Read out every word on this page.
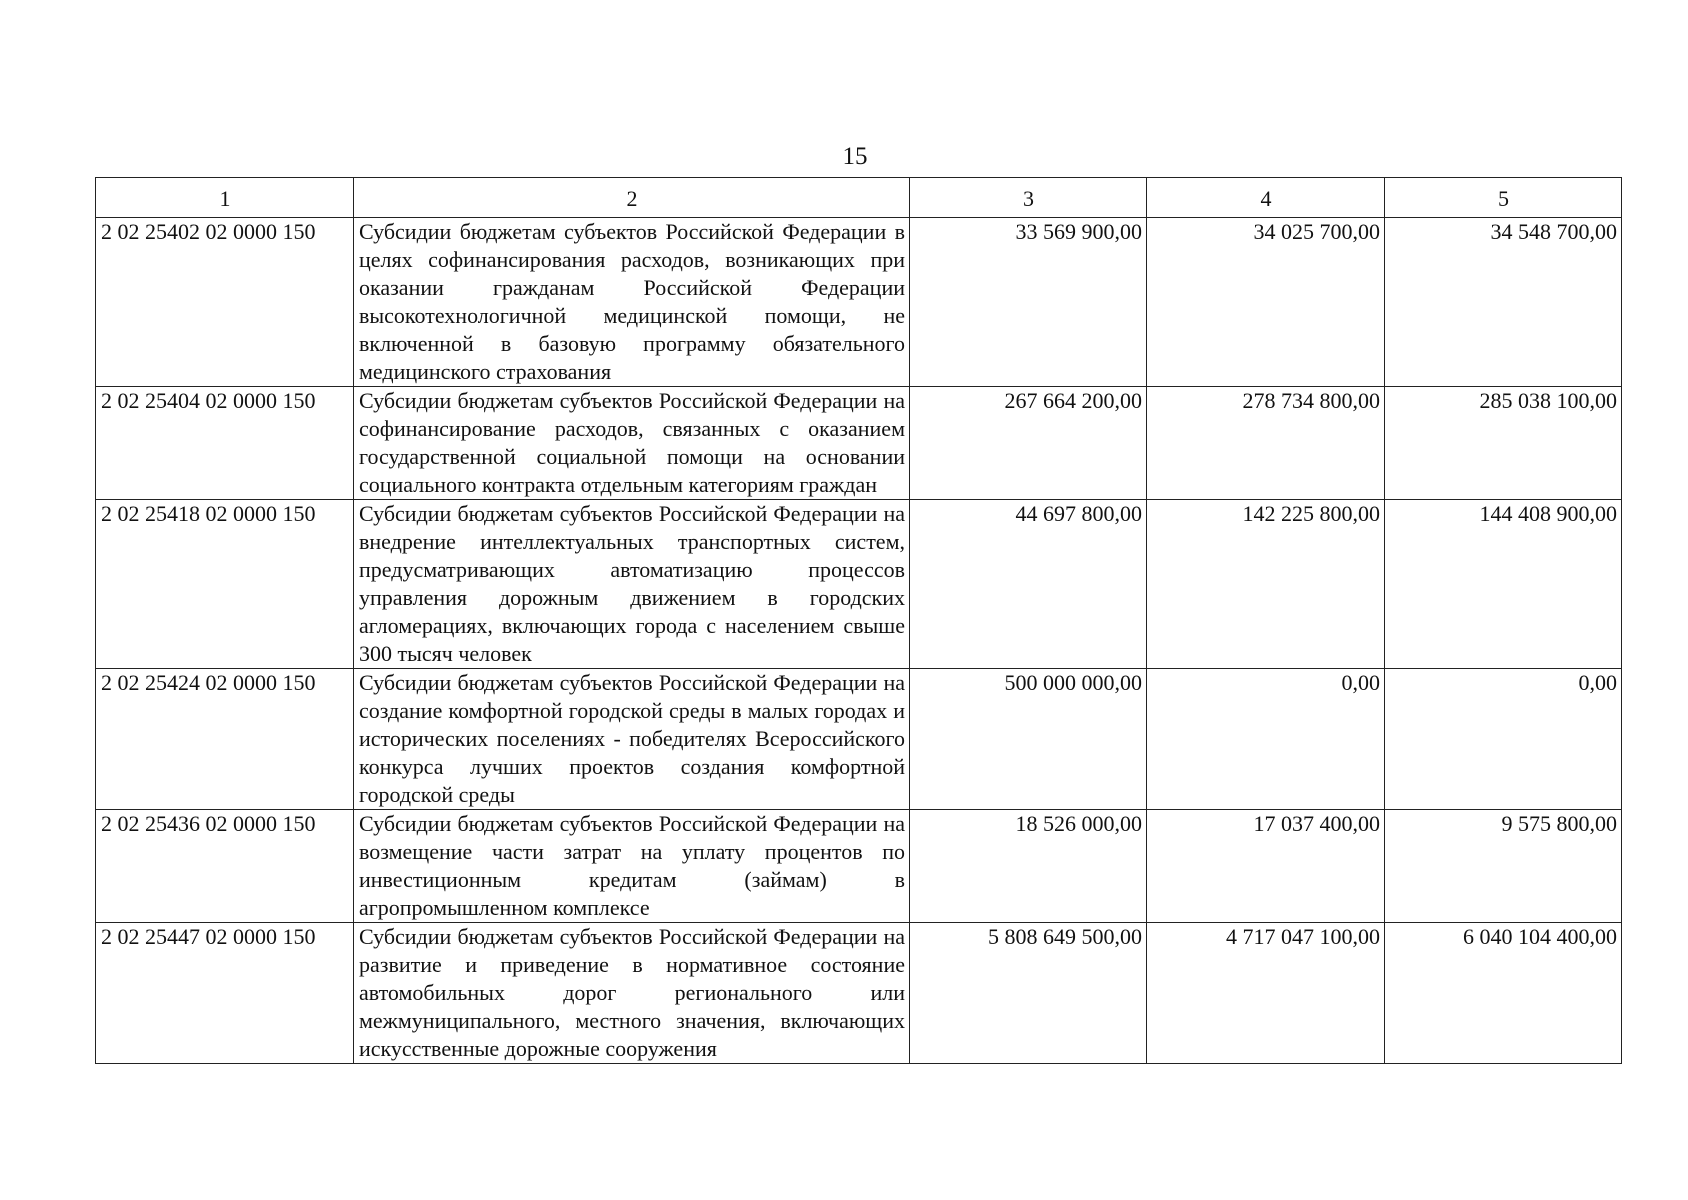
15
1	2	3	4	5
2 02 25402 02 0000 150	Субсидии бюджетам субъектов Российской Федерации в целях софинансирования расходов, возникающих при оказании гражданам Российской Федерации высокотехнологичной медицинской помощи, не включенной в базовую программу обязательного медицинского страхования	33 569 900,00	34 025 700,00	34 548 700,00
2 02 25404 02 0000 150	Субсидии бюджетам субъектов Российской Федерации на софинансирование расходов, связанных с оказанием государственной социальной помощи на основании социального контракта отдельным категориям граждан	267 664 200,00	278 734 800,00	285 038 100,00
2 02 25418 02 0000 150	Субсидии бюджетам субъектов Российской Федерации на внедрение интеллектуальных транспортных систем, предусматривающих автоматизацию процессов управления дорожным движением в городских агломерациях, включающих города с населением свыше 300 тысяч человек	44 697 800,00	142 225 800,00	144 408 900,00
2 02 25424 02 0000 150	Субсидии бюджетам субъектов Российской Федерации на создание комфортной городской среды в малых городах и исторических поселениях - победителях Всероссийского конкурса лучших проектов создания комфортной городской среды	500 000 000,00	0,00	0,00
2 02 25436 02 0000 150	Субсидии бюджетам субъектов Российской Федерации на возмещение части затрат на уплату процентов по инвестиционным кредитам (займам) в агропромышленном комплексе	18 526 000,00	17 037 400,00	9 575 800,00
2 02 25447 02 0000 150	Субсидии бюджетам субъектов Российской Федерации на развитие и приведение в нормативное состояние автомобильных дорог регионального или межмуниципального, местного значения, включающих искусственные дорожные сооружения	5 808 649 500,00	4 717 047 100,00	6 040 104 400,00
